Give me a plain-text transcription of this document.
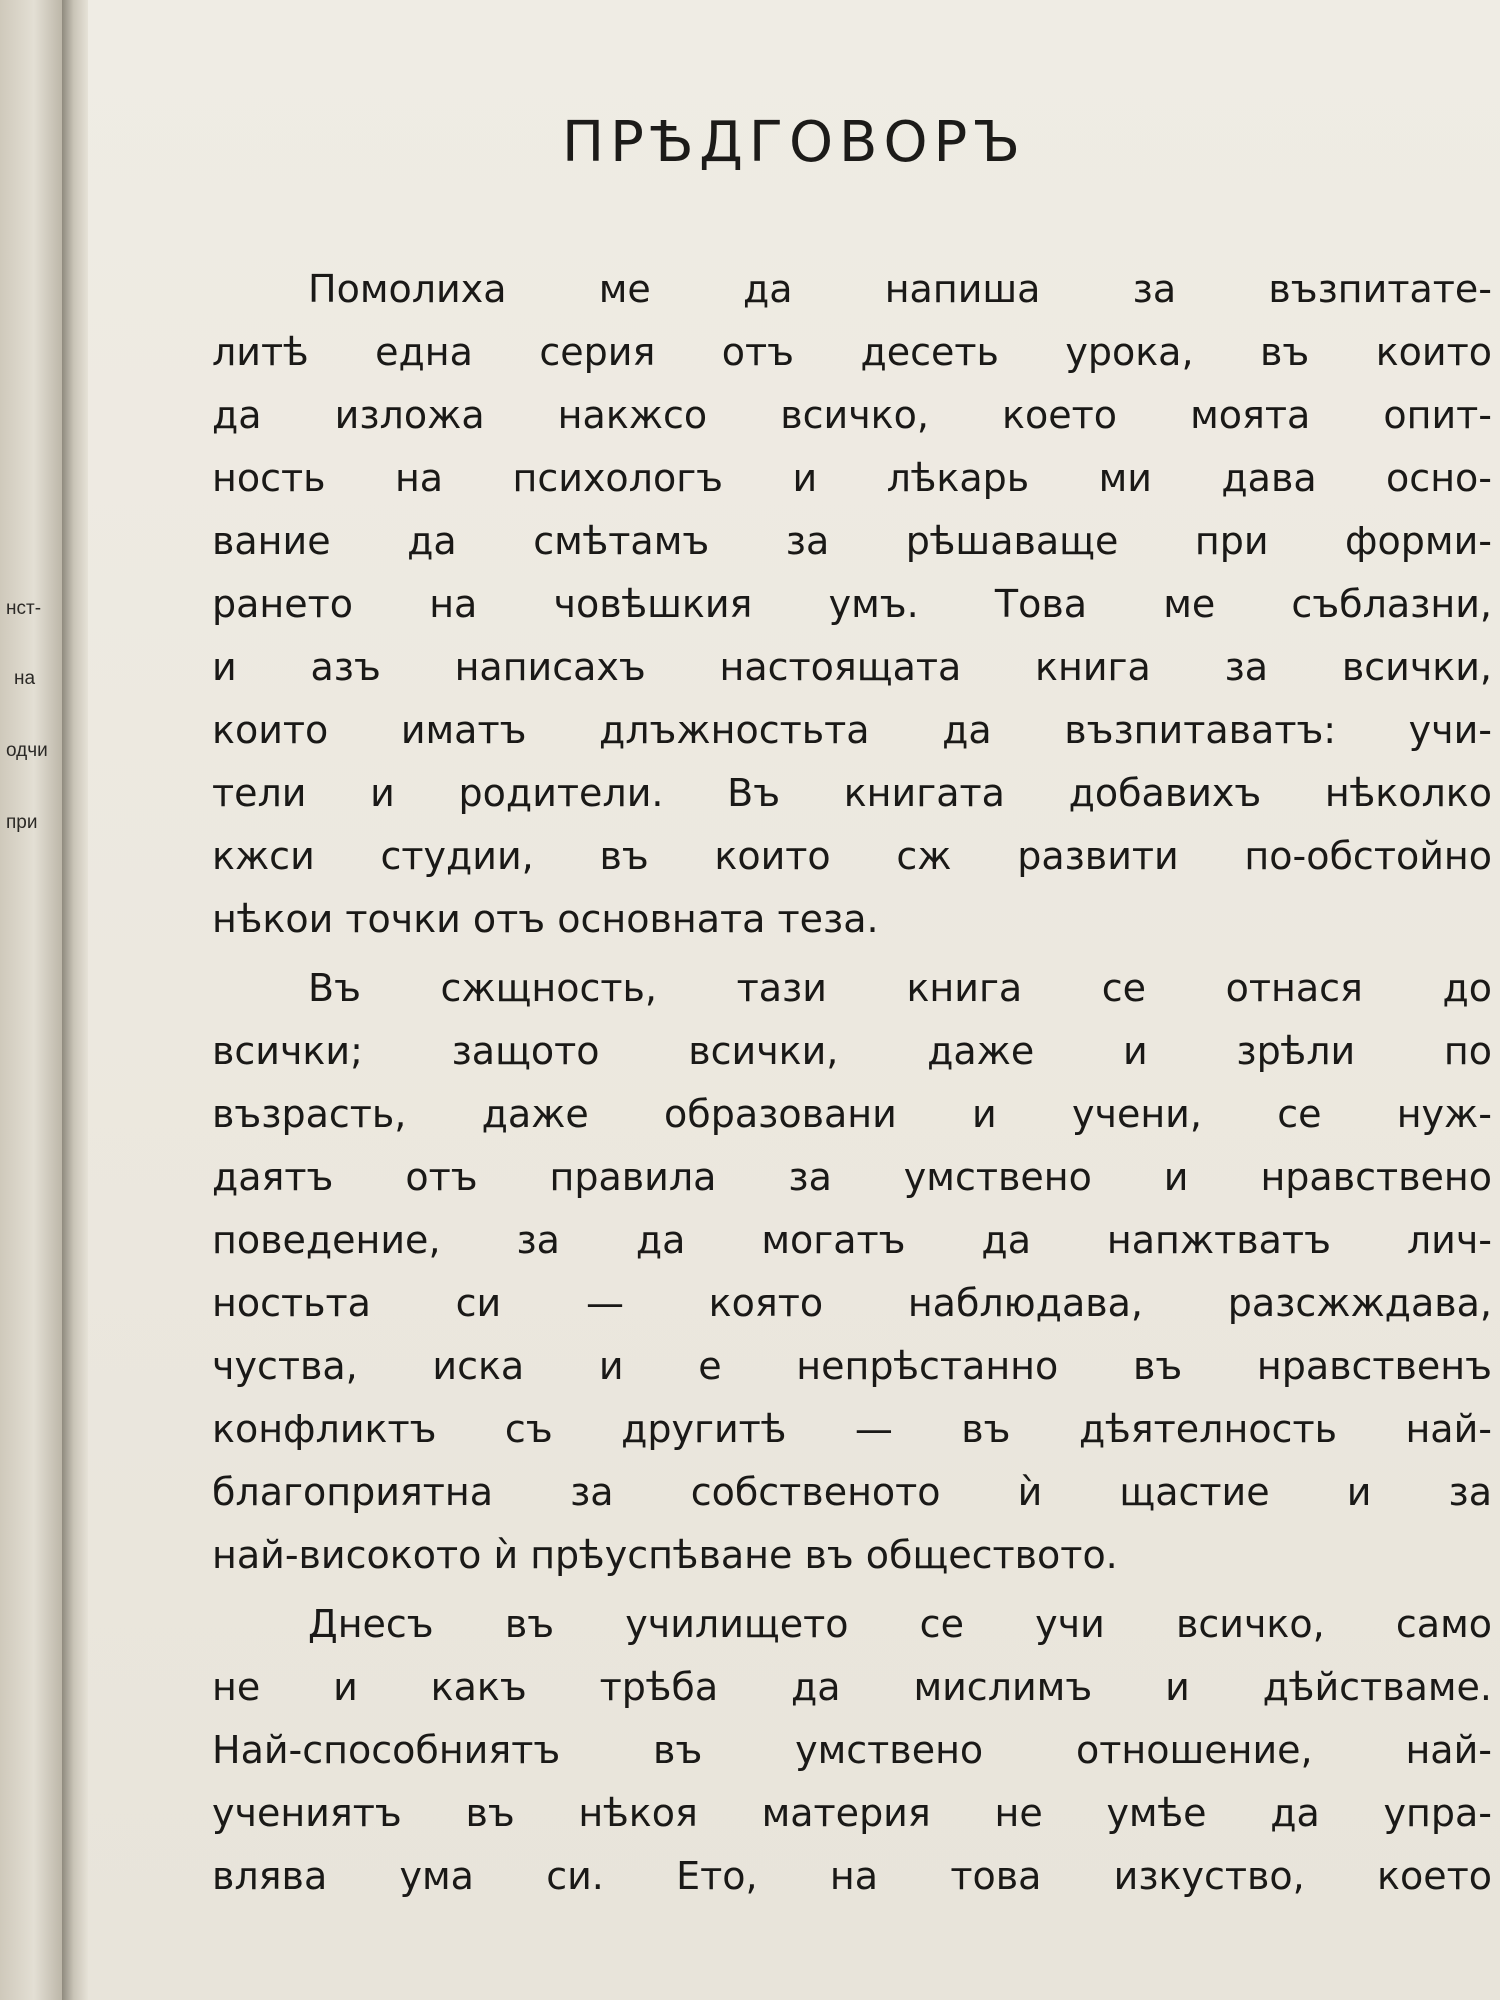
нст-
на
одчи
при
ПРѢДГОВОРЪ
Помолиха ме да напиша за възпитате-
литѣ една серия отъ десеть урока, въ които
да изложа накжсо всичко, което моята опит-
ность на психологъ и лѣкарь ми дава осно-
вание да смѣтамъ за рѣшаваще при форми-
рането на човѣшкия умъ. Това ме съблазни,
и азъ написахъ настоящата книга за всички,
които иматъ длъжностьта да възпитаватъ: учи-
тели и родители. Въ книгата добавихъ нѣколко
кжси студии, въ които сж развити по-обстойно
нѣкои точки отъ основната теза.
Въ сжщность, тази книга се отнася до
всички; защото всички, даже и зрѣли по
възрасть, даже образовани и учени, се нуж-
даятъ отъ правила за умствено и нравствено
поведение, за да могатъ да напжтватъ лич-
ностьта си — която наблюдава, разсжждава,
чуства, иска и е непрѣстанно въ нравственъ
конфликтъ съ другитѣ — въ дѣятелность най-
благоприятна за собственото ѝ щастие и за
най-високото ѝ прѣуспѣване въ обществото.
Днесъ въ училището се учи всичко, само
не и какъ трѣба да мислимъ и дѣйстваме.
Най-способниятъ въ умствено отношение, най-
учениятъ въ нѣкоя материя не умѣе да упра-
влява ума си. Ето, на това изкуство, което
